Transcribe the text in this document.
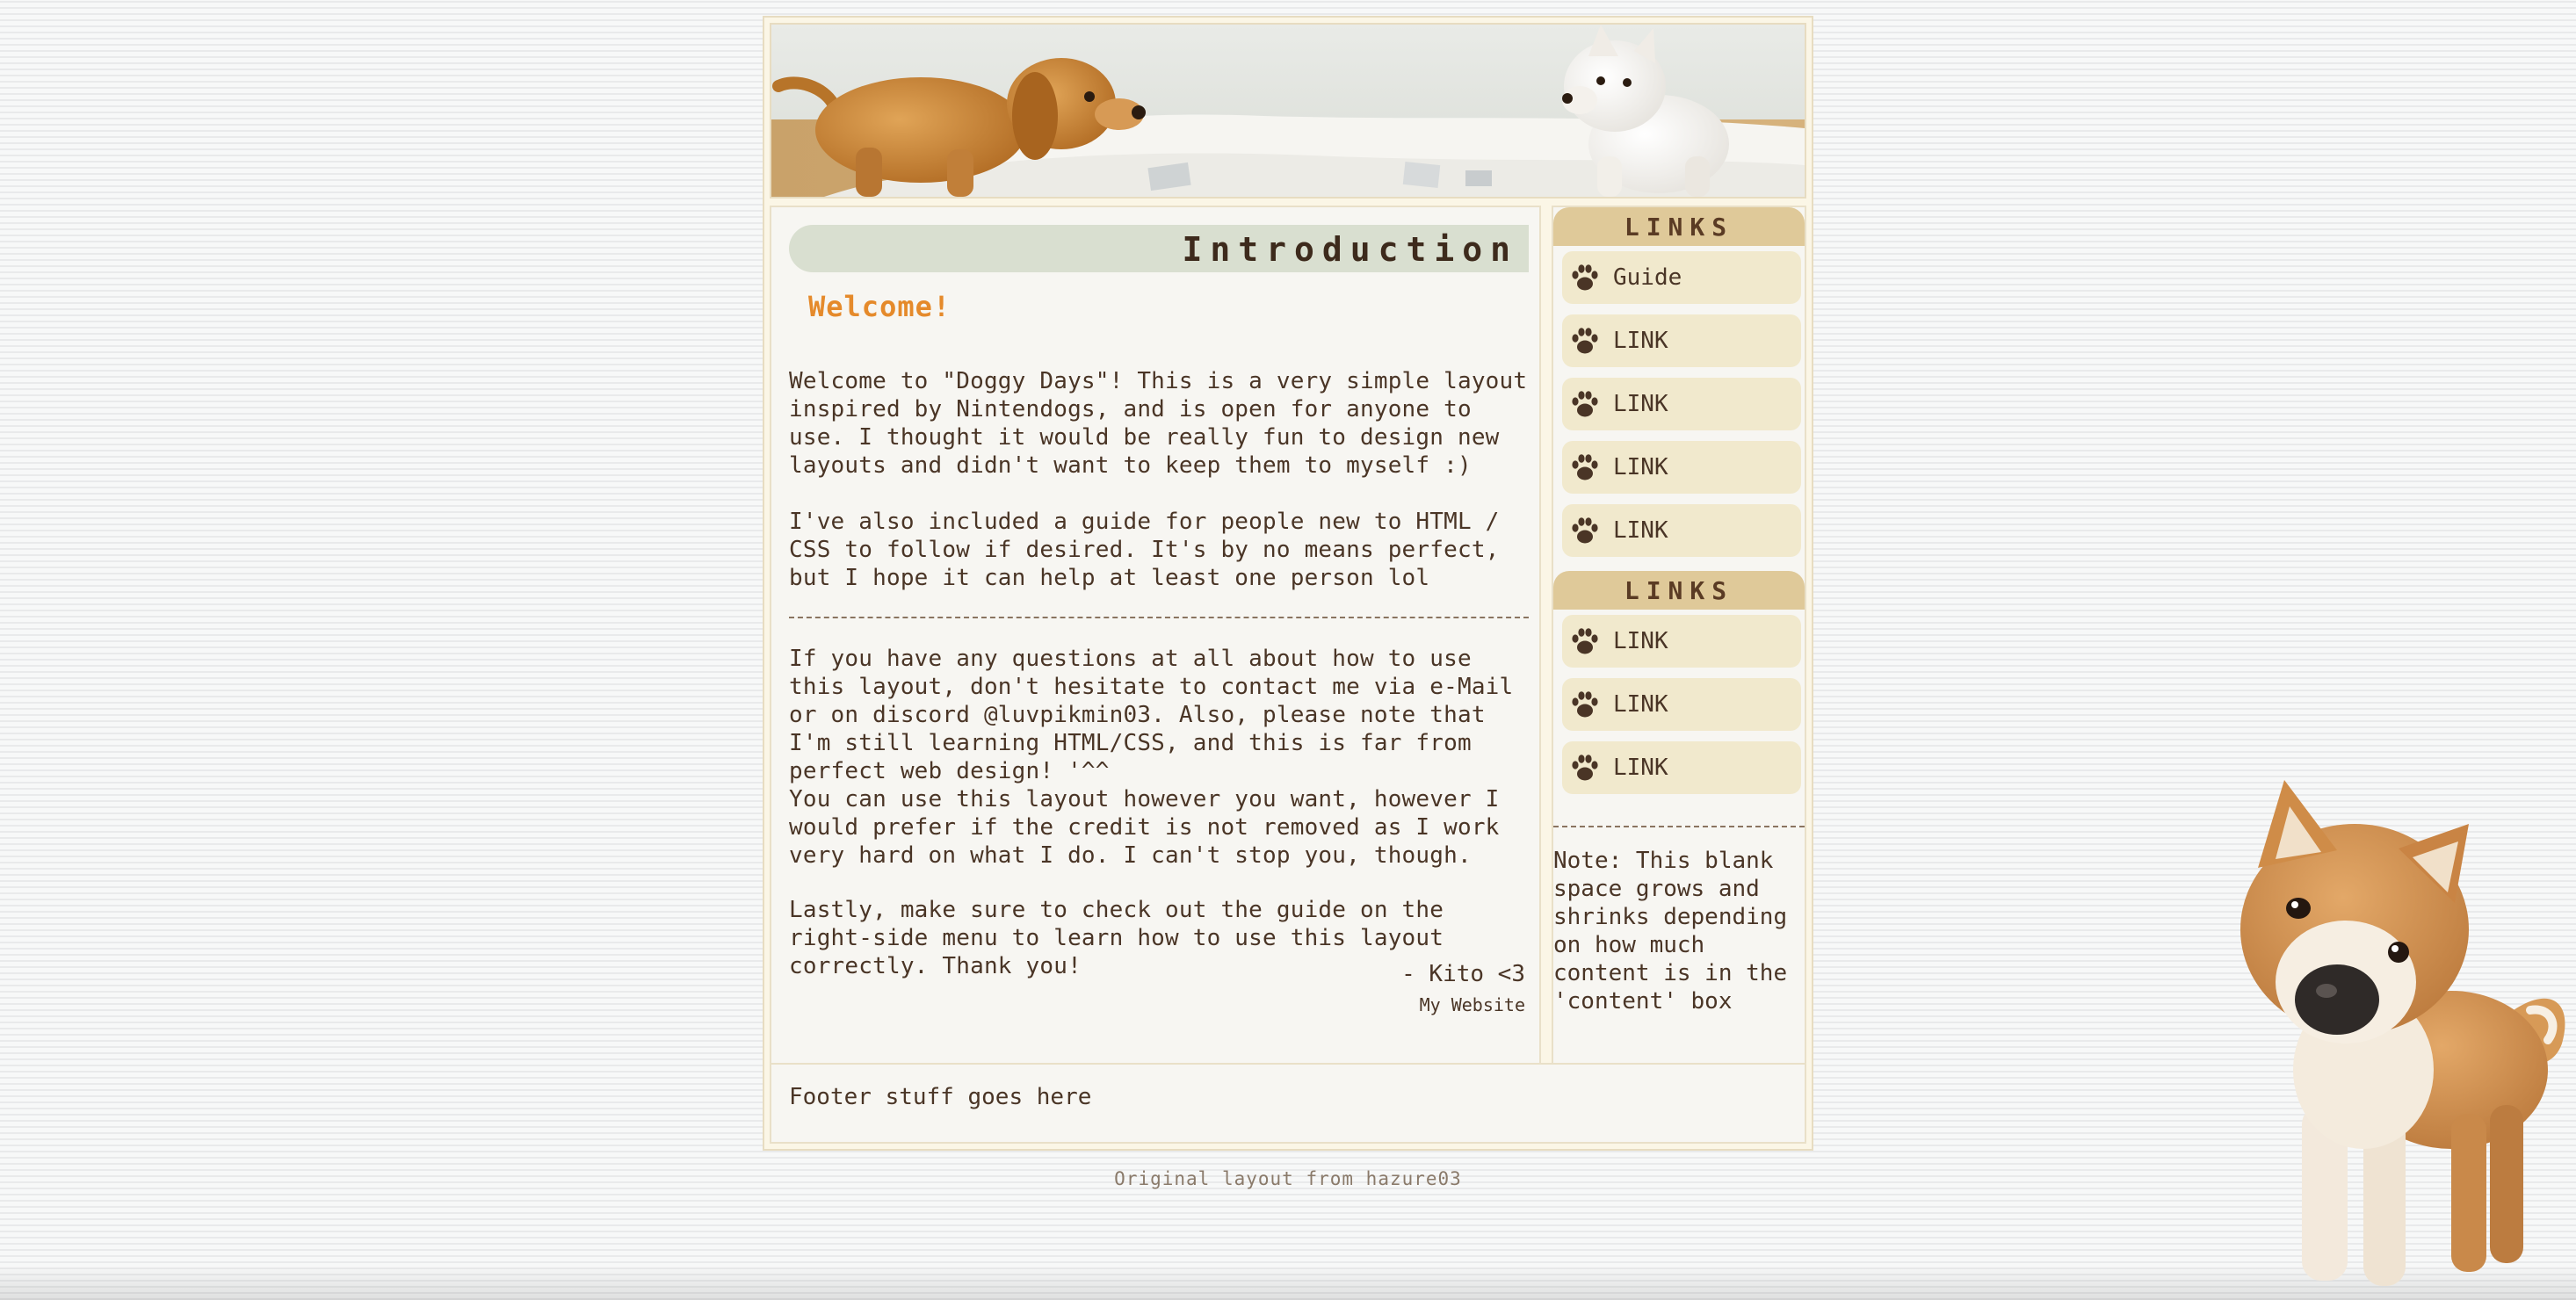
Introduction
Welcome!

Welcome to "Doggy Days"! This is a very simple layout inspired by Nintendogs, and is open for anyone to use. I thought it would be really fun to design new layouts and didn't want to keep them to myself :)

I've also included a guide for people new to HTML / CSS to follow if desired. It's by no means perfect, but I hope it can help at least one person lol

If you have any questions at all about how to use this layout, don't hesitate to contact me via e-Mail or on discord @luvpikmin03. Also, please note that I'm still learning HTML/CSS, and this is far from perfect web design! '^^

You can use this layout however you want, however I would prefer if the credit is not removed as I work very hard on what I do. I can't stop you, though.

Lastly, make sure to check out the guide on the right-side menu to learn how to use this layout correctly. Thank you!	- Kito <3
My Website
LINKS
Guide
LINK
LINK
LINK
LINK
LINKS
LINK
LINK
LINK
Note: This blank space grows and shrinks depending on how much content is in the 'content' box
Footer stuff goes here
Original layout from hazure03
